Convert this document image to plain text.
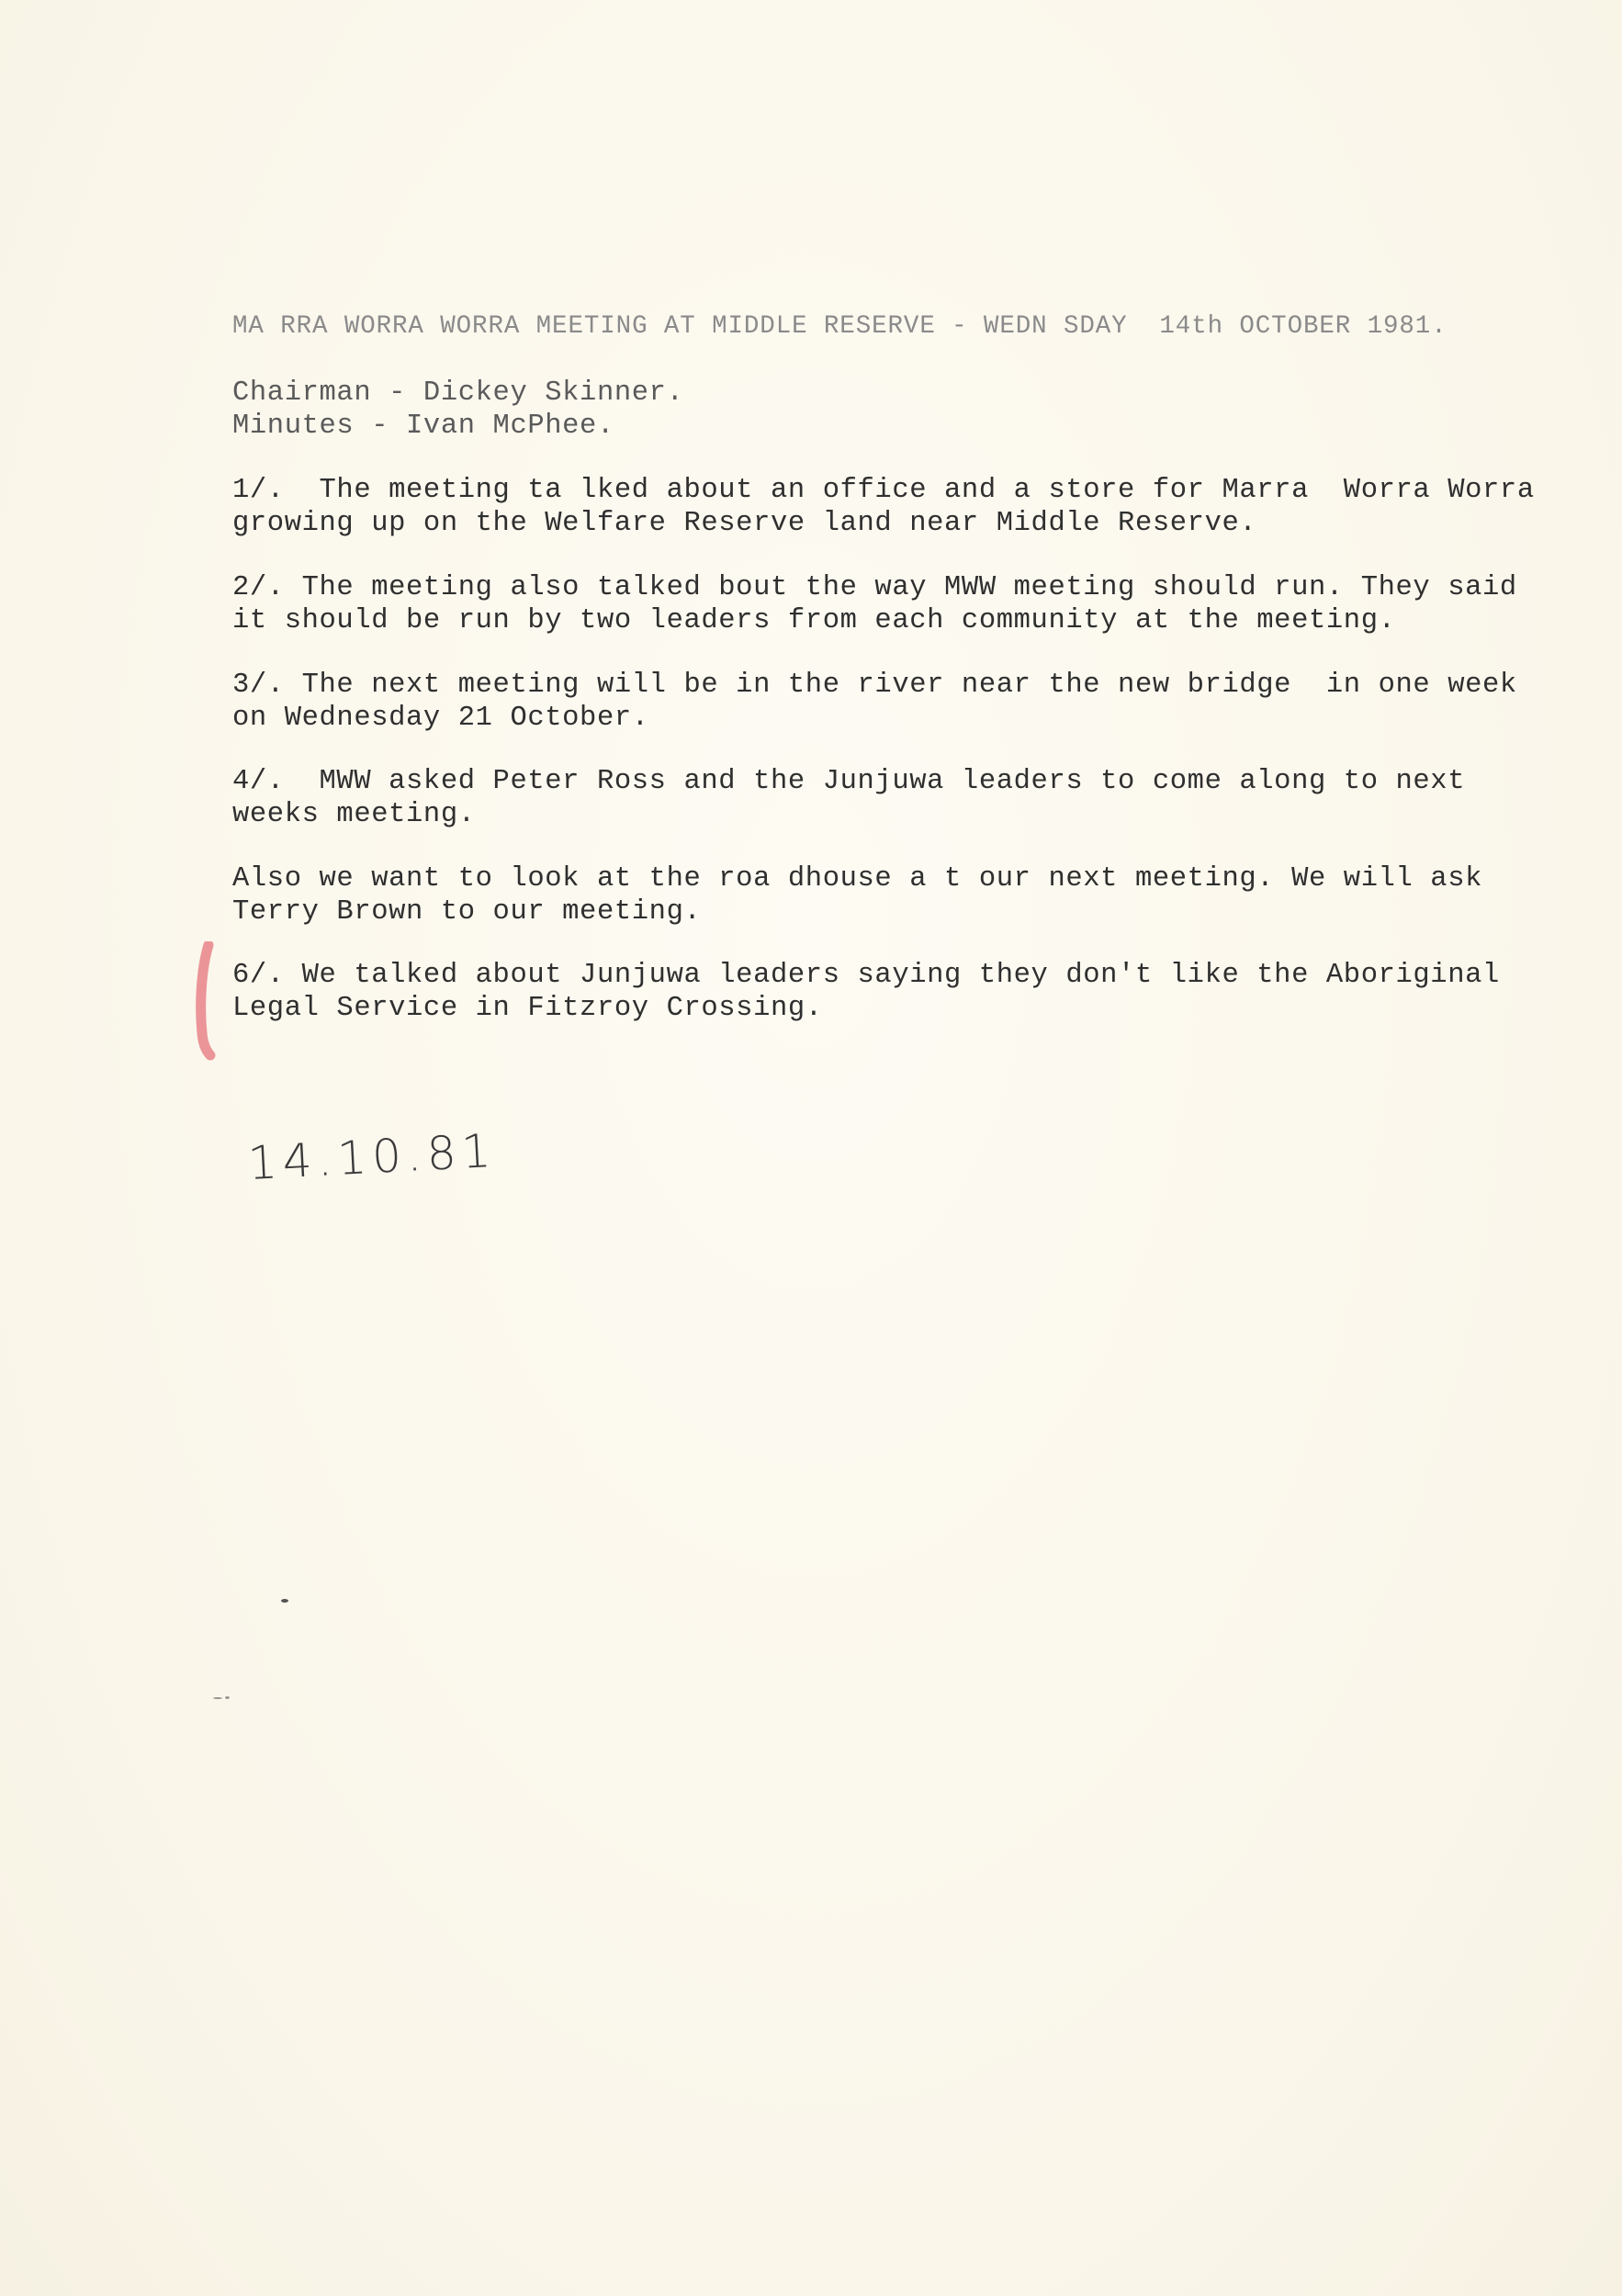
MA RRA WORRA WORRA MEETING AT MIDDLE RESERVE - WEDN SDAY  14th OCTOBER 1981.

Chairman - Dickey Skinner.

Minutes - Ivan McPhee.

1/.  The meeting ta lked about an office and a store for Marra  Worra Worra

growing up on the Welfare Reserve land near Middle Reserve.

2/. The meeting also talked bout the way MWW meeting should run. They said

it should be run by two leaders from each community at the meeting.

3/. The next meeting will be in the river near the new bridge  in one week

on Wednesday 21 October.

4/.  MWW asked Peter Ross and the Junjuwa leaders to come along to next

weeks meeting.

Also we want to look at the roa dhouse a t our next meeting. We will ask

Terry Brown to our meeting.

6/. We talked about Junjuwa leaders saying they don't like the Aboriginal

Legal Service in Fitzroy Crossing.

14.10.81
